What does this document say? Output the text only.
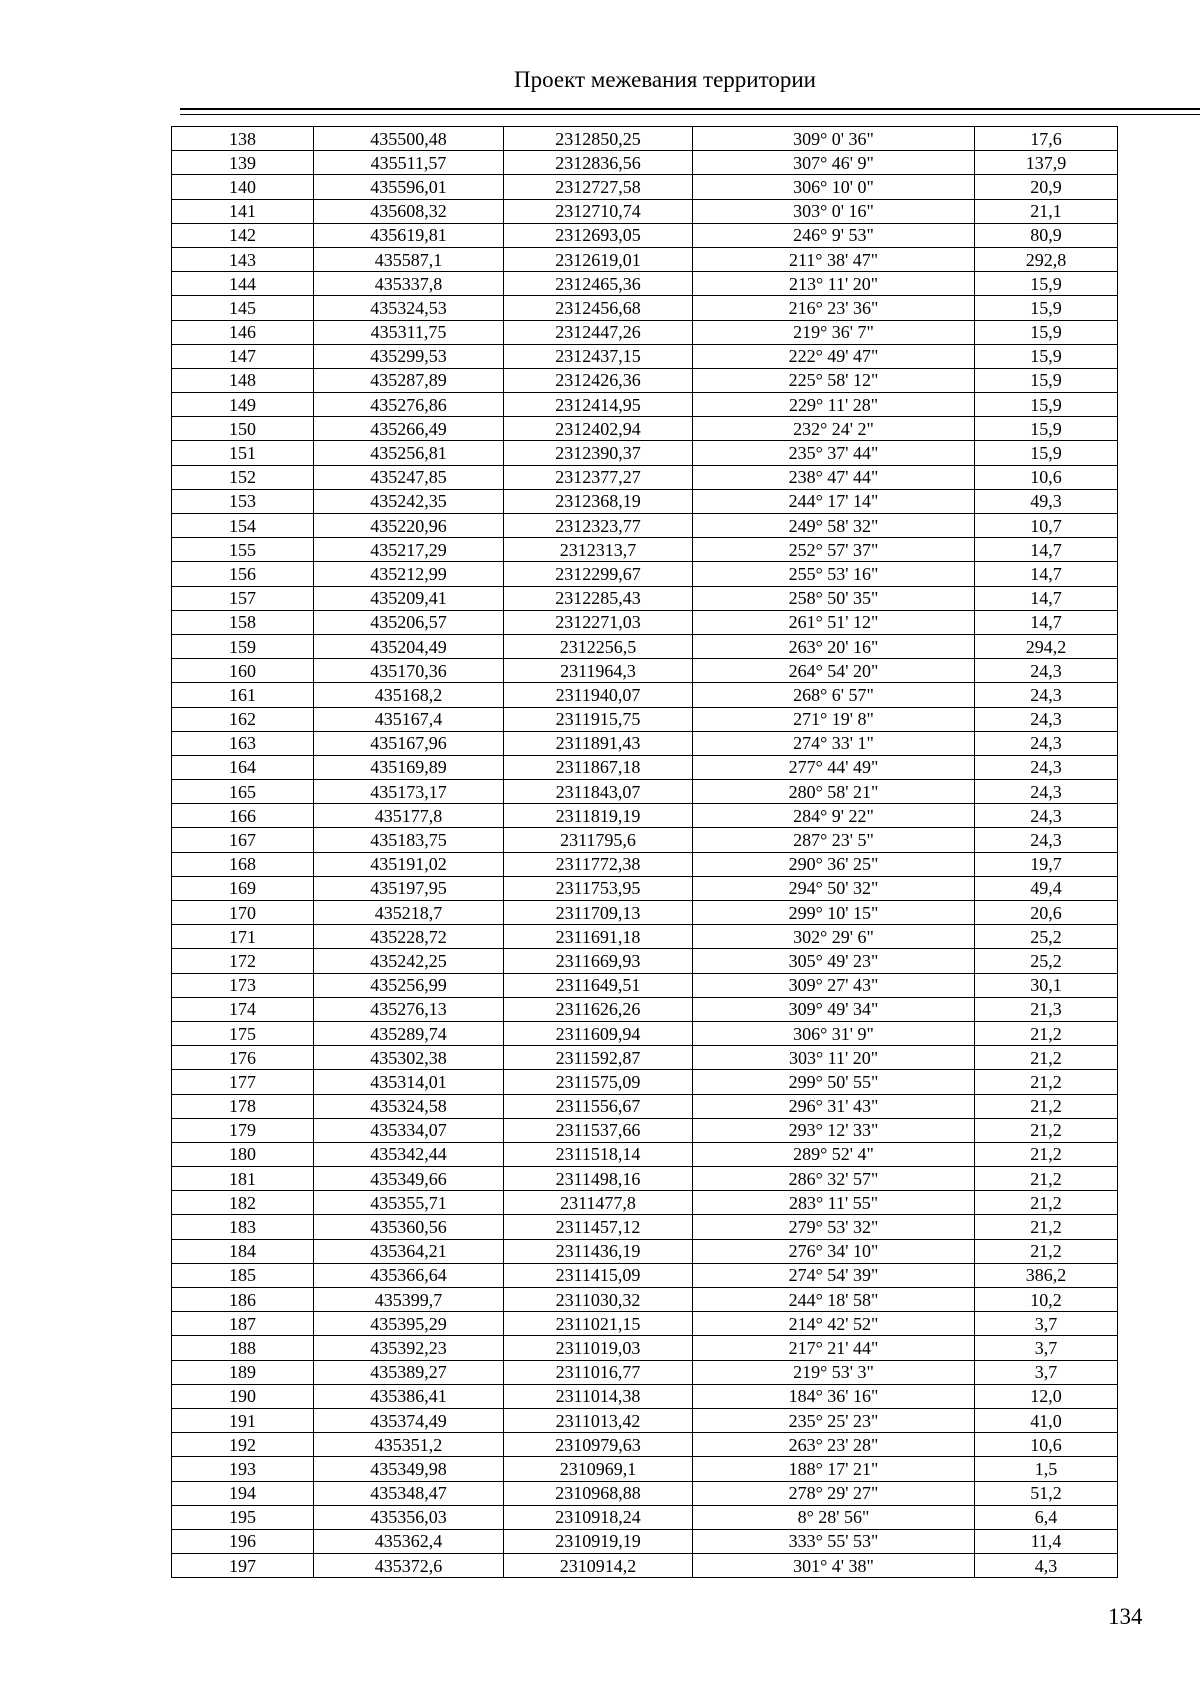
Проект межевания территории
138	435500,48	2312850,25	309° 0' 36"	17,6
139	435511,57	2312836,56	307° 46' 9"	137,9
140	435596,01	2312727,58	306° 10' 0"	20,9
141	435608,32	2312710,74	303° 0' 16"	21,1
142	435619,81	2312693,05	246° 9' 53"	80,9
143	435587,1	2312619,01	211° 38' 47"	292,8
144	435337,8	2312465,36	213° 11' 20"	15,9
145	435324,53	2312456,68	216° 23' 36"	15,9
146	435311,75	2312447,26	219° 36' 7"	15,9
147	435299,53	2312437,15	222° 49' 47"	15,9
148	435287,89	2312426,36	225° 58' 12"	15,9
149	435276,86	2312414,95	229° 11' 28"	15,9
150	435266,49	2312402,94	232° 24' 2"	15,9
151	435256,81	2312390,37	235° 37' 44"	15,9
152	435247,85	2312377,27	238° 47' 44"	10,6
153	435242,35	2312368,19	244° 17' 14"	49,3
154	435220,96	2312323,77	249° 58' 32"	10,7
155	435217,29	2312313,7	252° 57' 37"	14,7
156	435212,99	2312299,67	255° 53' 16"	14,7
157	435209,41	2312285,43	258° 50' 35"	14,7
158	435206,57	2312271,03	261° 51' 12"	14,7
159	435204,49	2312256,5	263° 20' 16"	294,2
160	435170,36	2311964,3	264° 54' 20"	24,3
161	435168,2	2311940,07	268° 6' 57"	24,3
162	435167,4	2311915,75	271° 19' 8"	24,3
163	435167,96	2311891,43	274° 33' 1"	24,3
164	435169,89	2311867,18	277° 44' 49"	24,3
165	435173,17	2311843,07	280° 58' 21"	24,3
166	435177,8	2311819,19	284° 9' 22"	24,3
167	435183,75	2311795,6	287° 23' 5"	24,3
168	435191,02	2311772,38	290° 36' 25"	19,7
169	435197,95	2311753,95	294° 50' 32"	49,4
170	435218,7	2311709,13	299° 10' 15"	20,6
171	435228,72	2311691,18	302° 29' 6"	25,2
172	435242,25	2311669,93	305° 49' 23"	25,2
173	435256,99	2311649,51	309° 27' 43"	30,1
174	435276,13	2311626,26	309° 49' 34"	21,3
175	435289,74	2311609,94	306° 31' 9"	21,2
176	435302,38	2311592,87	303° 11' 20"	21,2
177	435314,01	2311575,09	299° 50' 55"	21,2
178	435324,58	2311556,67	296° 31' 43"	21,2
179	435334,07	2311537,66	293° 12' 33"	21,2
180	435342,44	2311518,14	289° 52' 4"	21,2
181	435349,66	2311498,16	286° 32' 57"	21,2
182	435355,71	2311477,8	283° 11' 55"	21,2
183	435360,56	2311457,12	279° 53' 32"	21,2
184	435364,21	2311436,19	276° 34' 10"	21,2
185	435366,64	2311415,09	274° 54' 39"	386,2
186	435399,7	2311030,32	244° 18' 58"	10,2
187	435395,29	2311021,15	214° 42' 52"	3,7
188	435392,23	2311019,03	217° 21' 44"	3,7
189	435389,27	2311016,77	219° 53' 3"	3,7
190	435386,41	2311014,38	184° 36' 16"	12,0
191	435374,49	2311013,42	235° 25' 23"	41,0
192	435351,2	2310979,63	263° 23' 28"	10,6
193	435349,98	2310969,1	188° 17' 21"	1,5
194	435348,47	2310968,88	278° 29' 27"	51,2
195	435356,03	2310918,24	8° 28' 56"	6,4
196	435362,4	2310919,19	333° 55' 53"	11,4
197	435372,6	2310914,2	301° 4' 38"	4,3
134
